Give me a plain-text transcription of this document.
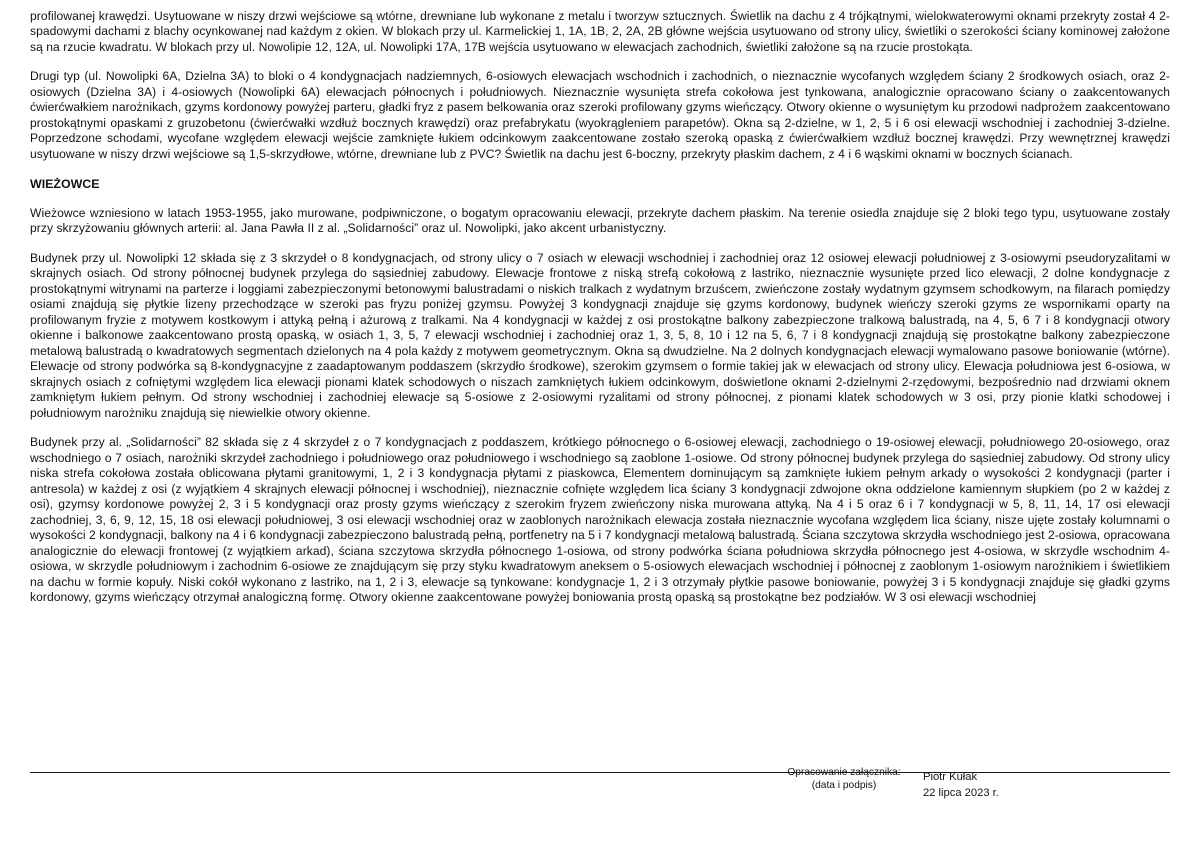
profilowanej krawędzi. Usytuowane w niszy drzwi wejściowe są wtórne, drewniane lub wykonane z metalu i tworzyw sztucznych. Świetlik na dachu z 4 trójkątnymi, wielokwaterowymi oknami przekryty został 4 2-spadowymi dachami z blachy ocynkowanej nad każdym z okien. W blokach przy ul. Karmelickiej 1, 1A, 1B, 2, 2A, 2B główne wejścia usytuowano od strony ulicy, świetliki o szerokości ściany kominowej założone są na rzucie kwadratu. W blokach przy ul. Nowolipie 12, 12A, ul. Nowolipki 17A, 17B wejścia usytuowano w elewacjach zachodnich, świetliki założone są na rzucie prostokąta.

Drugi typ (ul. Nowolipki 6A, Dzielna 3A) to bloki o 4 kondygnacjach nadziemnych, 6-osiowych elewacjach wschodnich i zachodnich, o nieznacznie wycofanych względem ściany 2 środkowych osiach, oraz 2-osiowych (Dzielna 3A) i 4-osiowych (Nowolipki 6A) elewacjach północnych i południowych. Nieznacznie wysunięta strefa cokołowa jest tynkowana, analogicznie opracowano ściany o zaakcentowanych ćwierćwałkiem narożnikach, gzyms kordonowy powyżej parteru, gładki fryz z pasem belkowania oraz szeroki profilowany gzyms wieńczący. Otwory okienne o wysuniętym ku przodowi nadprożem zaakcentowano prostokątnymi opaskami z gruzobetonu (ćwierćwałki wzdłuż bocznych krawędzi) oraz prefabrykatu (wyokrągleniem parapetów). Okna są 2-dzielne, w 1, 2, 5 i 6 osi elewacji wschodniej i zachodniej 3-dzielne. Poprzedzone schodami, wycofane względem elewacji wejście zamknięte łukiem odcinkowym zaakcentowane zostało szeroką opaską z ćwierćwałkiem wzdłuż bocznej krawędzi. Przy wewnętrznej krawędzi usytuowane w niszy drzwi wejściowe są 1,5-skrzydłowe, wtórne, drewniane lub z PVC? Świetlik na dachu jest 6-boczny, przekryty płaskim dachem, z 4 i 6 wąskimi oknami w bocznych ścianach.

WIEŻOWCE

Wieżowce wzniesiono w latach 1953-1955, jako murowane, podpiwniczone, o bogatym opracowaniu elewacji, przekryte dachem płaskim. Na terenie osiedla znajduje się 2 bloki tego typu, usytuowane zostały przy skrzyżowaniu głównych arterii: al. Jana Pawła II z al. „Solidarności” oraz ul. Nowolipki, jako akcent urbanistyczny.

Budynek przy ul. Nowolipki 12 składa się z 3 skrzydeł o 8 kondygnacjach, od strony ulicy o 7 osiach w elewacji wschodniej i zachodniej oraz 12 osiowej elewacji południowej z 3-osiowymi pseudoryzalitami w skrajnych osiach. Od strony północnej budynek przylega do sąsiedniej zabudowy. Elewacje frontowe z niską strefą cokołową z lastriko, nieznacznie wysunięte przed lico elewacji, 2 dolne kondygnacje z prostokątnymi witrynami na parterze i loggiami zabezpieczonymi betonowymi balustradami o niskich tralkach z wydatnym brzuścem, zwieńczone zostały wydatnym gzymsem schodkowym, na filarach pomiędzy osiami znajdują się płytkie lizeny przechodzące w szeroki pas fryzu poniżej gzymsu. Powyżej 3 kondygnacji znajduje się gzyms kordonowy, budynek wieńczy szeroki gzyms ze wspornikami oparty na profilowanym fryzie z motywem kostkowym i attyką pełną i ażurową z tralkami. Na 4 kondygnacji w każdej z osi prostokątne balkony zabezpieczone tralkową balustradą, na 4, 5, 6 7 i 8 kondygnacji otwory okienne i balkonowe zaakcentowano prostą opaską, w osiach 1, 3, 5, 7 elewacji wschodniej i zachodniej oraz 1, 3, 5, 8, 10 i 12 na 5, 6, 7 i 8 kondygnacji znajdują się prostokątne balkony zabezpieczone metalową balustradą o kwadratowych segmentach dzielonych na 4 pola każdy z motywem geometrycznym. Okna są dwudzielne. Na 2 dolnych kondygnacjach elewacji wymalowano pasowe boniowanie (wtórne). Elewacje od strony podwórka są 8-kondygnacyjne z zaadaptowanym poddaszem (skrzydło środkowe), szerokim gzymsem o formie takiej jak w elewacjach od strony ulicy. Elewacja południowa jest 6-osiowa, w skrajnych osiach z cofniętymi względem lica elewacji pionami klatek schodowych o niszach zamkniętych łukiem odcinkowym, doświetlone oknami 2-dzielnymi 2-rzędowymi, bezpośrednio nad drzwiami oknem zamkniętym łukiem pełnym. Od strony wschodniej i zachodniej elewacje są 5-osiowe z 2-osiowymi ryzalitami od strony północnej, z pionami klatek schodowych w 3 osi, przy pionie klatki schodowej i południowym narożniku znajdują się niewielkie otwory okienne.

Budynek przy al. „Solidarności” 82 składa się z 4 skrzydeł z o 7 kondygnacjach z poddaszem, krótkiego północnego o 6-osiowej elewacji, zachodniego o 19-osiowej elewacji, południowego 20-osiowego, oraz wschodniego o 7 osiach, narożniki skrzydeł zachodniego i południowego oraz południowego i wschodniego są zaoblone 1-osiowe. Od strony północnej budynek przylega do sąsiedniej zabudowy. Od strony ulicy niska strefa cokołowa została oblicowana płytami granitowymi, 1, 2 i 3 kondygnacja płytami z piaskowca, Elementem dominującym są zamknięte łukiem pełnym arkady o wysokości 2 kondygnacji (parter i antresola) w każdej z osi (z wyjątkiem 4 skrajnych elewacji północnej i wschodniej), nieznacznie cofnięte względem lica ściany 3 kondygnacji zdwojone okna oddzielone kamiennym słupkiem (po 2 w każdej z osi), gzymsy kordonowe powyżej 2, 3 i 5 kondygnacji oraz prosty gzyms wieńczący z szerokim fryzem zwieńczony niska murowana attyką. Na 4 i 5 oraz 6 i 7 kondygnacji w 5, 8, 11, 14, 17 osi elewacji zachodniej, 3, 6, 9, 12, 15, 18 osi elewacji południowej, 3 osi elewacji wschodniej oraz w zaoblonych narożnikach elewacja została nieznacznie wycofana względem lica ściany, nisze ujęte zostały kolumnami o wysokości 2 kondygnacji, balkony na 4 i 6 kondygnacji zabezpieczono balustradą pełną, portfenetry na 5 i 7 kondygnacji metalową balustradą. Ściana szczytowa skrzydła wschodniego jest 2-osiowa, opracowana analogicznie do elewacji frontowej (z wyjątkiem arkad), ściana szczytowa skrzydła północnego 1-osiowa, od strony podwórka ściana południowa skrzydła północnego jest 4-osiowa, w skrzydle wschodnim 4-osiowa, w skrzydle południowym i zachodnim 6-osiowe ze znajdującym się przy styku kwadratowym aneksem o 5-osiowych elewacjach wschodniej i północnej z zaoblonym 1-osiowym narożnikiem i świetlikiem na dachu w formie kopuły. Niski cokół wykonano z lastriko, na 1, 2 i 3, elewacje są tynkowane: kondygnacje 1, 2 i 3 otrzymały płytkie pasowe boniowanie, powyżej 3 i 5 kondygnacji znajduje się gładki gzyms kordonowy, gzyms wieńczący otrzymał analogiczną formę. Otwory okienne zaakcentowane powyżej boniowania prostą opaską są prostokątne bez podziałów. W 3 osi elewacji wschodniej

Opracowanie załącznika:
(data i podpis)
Piotr Kułak
22 lipca 2023 r.
